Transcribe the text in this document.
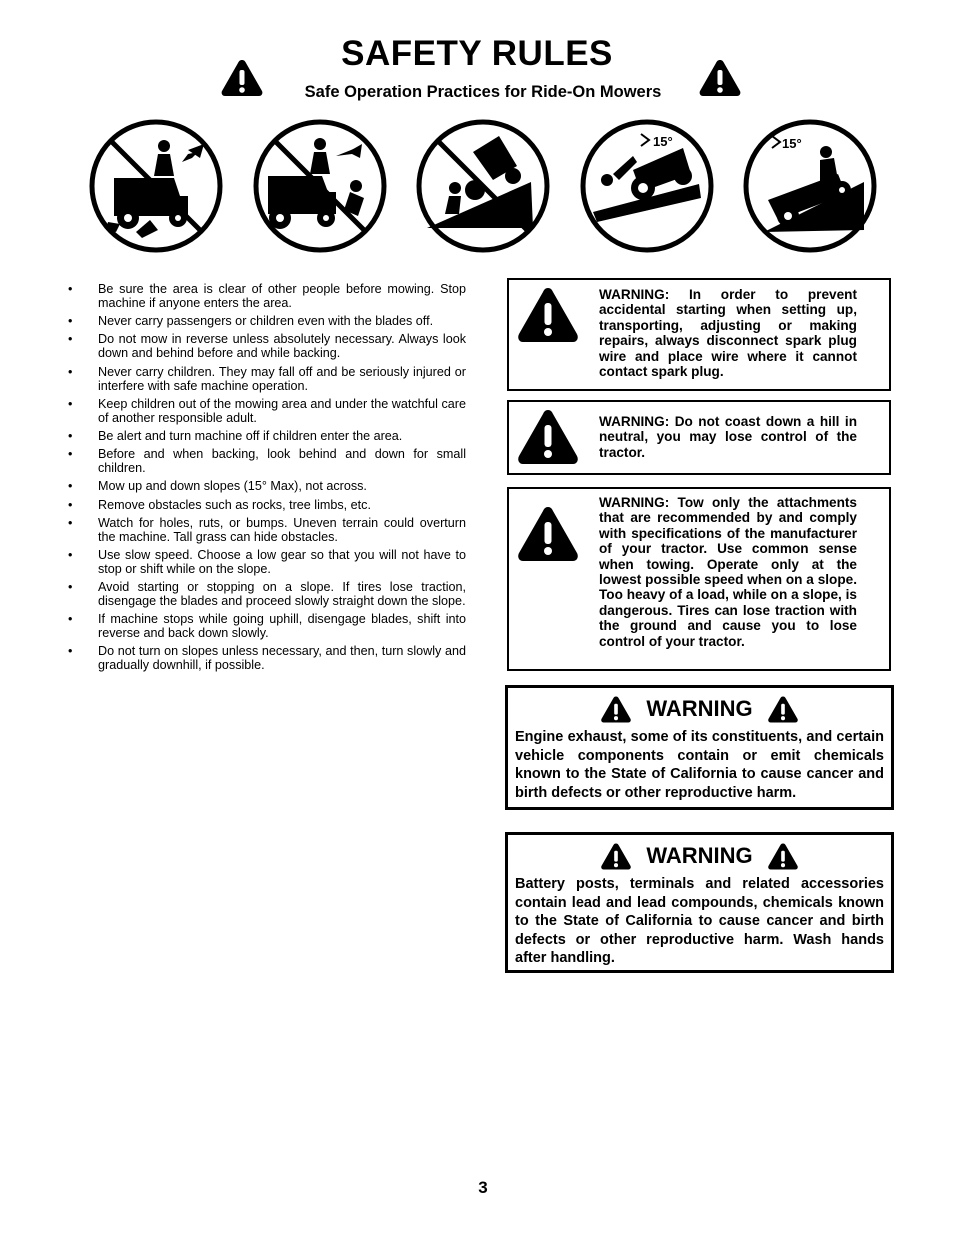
SAFETY RULES
Safe Operation Practices for Ride-On Mowers
15°	15°
• Be sure the area is clear of other people before mowing. Stop machine if anyone enters the area.
• Never carry passengers or children even with the blades off.
• Do not mow in reverse unless absolutely necessary. Always look down and behind before and while backing.
• Never carry children. They may fall off and be seriously injured or interfere with safe machine operation.
• Keep children out of the mowing area and under the watchful care of another responsible adult.
• Be alert and turn machine off if children enter the area.
• Before and when backing, look behind and down for small children.
• Mow up and down slopes (15° Max), not across.
• Remove obstacles such as rocks, tree limbs, etc.
• Watch for holes, ruts, or bumps. Uneven terrain could overturn the machine. Tall grass can hide obstacles.
• Use slow speed. Choose a low gear so that you will not have to stop or shift while on the slope.
• Avoid starting or stopping on a slope. If tires lose traction, disengage the blades and proceed slowly straight down the slope.
• If machine stops while going uphill, disengage blades, shift into reverse and back down slowly.
• Do not turn on slopes unless necessary, and then, turn slowly and gradually downhill, if possible.
WARNING: In order to prevent accidental starting when setting up, transporting, adjusting or making repairs, always disconnect spark plug wire and place wire where it cannot contact spark plug.
WARNING: Do not coast down a hill in neutral, you may lose control of the tractor.
WARNING: Tow only the attachments that are recommended by and comply with specifications of the manufacturer of your tractor. Use common sense when towing. Operate only at the lowest possible speed when on a slope. Too heavy of a load, while on a slope, is dangerous. Tires can lose traction with the ground and cause you to lose control of your tractor.
WARNING
Engine exhaust, some of its constituents, and certain vehicle components contain or emit chemicals known to the State of California to cause cancer and birth defects or other reproductive harm.
WARNING
Battery posts, terminals and related accessories contain lead and lead compounds, chemicals known to the State of California to cause cancer and birth defects or other reproductive harm. Wash hands after handling.
3
